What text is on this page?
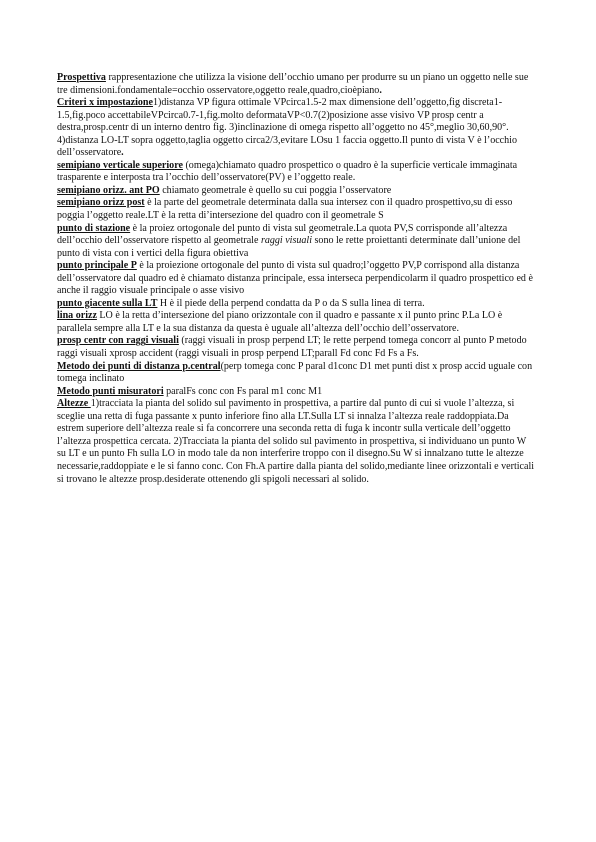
Prospettiva rappresentazione che utilizza la visione dell’occhio umano per produrre su un piano un oggetto nelle sue tre dimensioni.fondamentale=occhio osservatore,oggetto reale,quadro,cioèpiano.

Criteri x impostazione1)distanza VP figura ottimale VPcirca1.5-2 max dimensione dell’oggetto,fig discreta1-1.5,fig.poco accettabileVPcirca0.7-1,fig.molto deformataVP<0.7(2)posizione asse visivo VP prosp centr a destra,prosp.centr di un interno dentro fig. 3)inclinazione di omega rispetto all’oggetto no 45°,meglio 30,60,90°. 4)distanza LO-LT sopra oggetto,taglia oggetto circa2/3,evitare LOsu 1 faccia oggetto.Il punto di vista V è l’occhio dell’osservatore.

semipiano verticale superiore (omega)chiamato quadro prospettico o quadro è la superficie verticale immaginata trasparente e interposta tra l’occhio dell’osservatore(PV) e l’oggetto reale.

semipiano orizz. ant PO chiamato geometrale è quello su cui poggia l’osservatore

semipiano orizz post è la parte del geometrale determinata dalla sua intersez con il quadro prospettivo,su di esso poggia l’oggetto reale.LT è la retta di’intersezione del quadro con il geometrale S

punto di stazione è la proiez ortogonale del punto di vista sul geometrale.La quota PV,S corrisponde all’altezza dell’occhio dell’osservatore rispetto al geometrale raggi visuali sono le rette proiettanti determinate dall’unione del punto di vista con i vertici della figura obiettiva

punto principale P è la proiezione ortogonale del punto di vista sul quadro;l’oggetto PV,P corrispond alla distanza dell’osservatore dal quadro ed è chiamato distanza principale, essa interseca perpendicolarm il quadro prospettico ed è anche il raggio visuale principale o asse visivo

punto giacente sulla LT H è il piede della perpend condatta da P o da S sulla linea di terra.

lina orizz LO è la retta d’intersezione del piano orizzontale con il quadro e passante x il punto princ P.La LO è parallela sempre alla LT e la sua distanza da questa è uguale all’altezza dell’occhio dell’osservatore.

prosp centr con raggi visuali (raggi visuali in prosp perpend LT; le rette perpend tomega concorr al punto P metodo raggi visuali xprosp accident (raggi visuali in prosp perpend LT;parall Fd conc Fd Fs a Fs.

Metodo dei punti di distanza p.central(perp tomega conc P paral d1conc D1 met punti dist x prosp accid uguale con tomega inclinato

Metodo punti misuratori paralFs conc con Fs paral m1 conc M1

Altezze 1)tracciata la pianta del solido sul pavimento in prospettiva, a partire dal punto di cui si vuole l’altezza, si sceglie una retta di fuga passante x punto inferiore fino alla LT.Sulla LT si innalza l’altezza reale raddoppiata.Da estrem superiore dell’altezza reale si fa concorrere una seconda retta di fuga k incontr sulla verticale dell’oggetto l’altezza prospettica cercata. 2)Tracciata la pianta del solido sul pavimento in prospettiva, si individuano un punto W su LT e un punto Fh sulla LO in modo tale da non interferire troppo con il disegno.Su W si innalzano tutte le altezze necessarie,raddoppiate e le si fanno conc. Con Fh.A partire dalla pianta del solido,mediante linee orizzontali e verticali si trovano le altezze prosp.desiderate ottenendo gli spigoli necessari al solido.
